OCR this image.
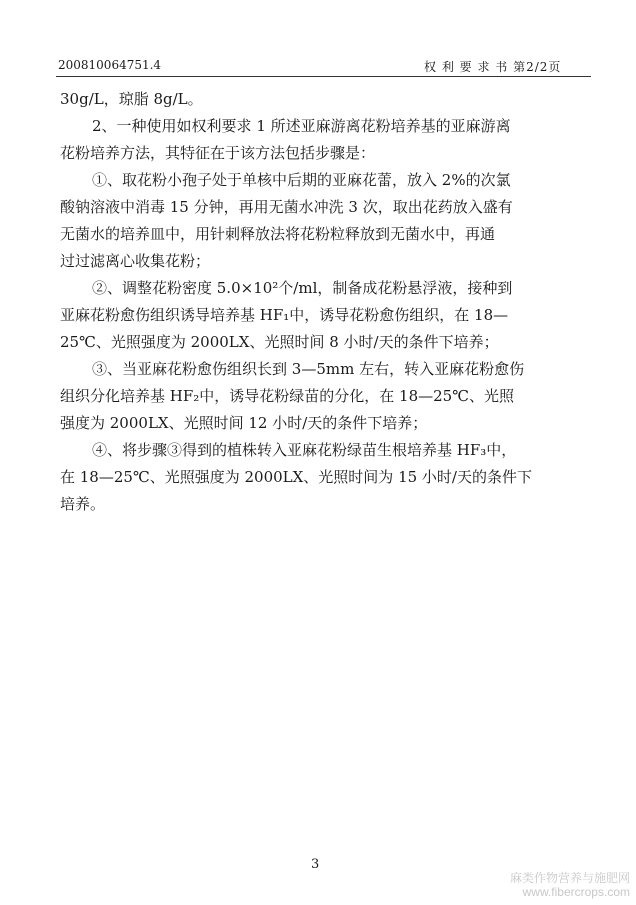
200810064751.4	权 利 要 求 书 第2/2页
30g/L，琼脂 8g/L。
2、一种使用如权利要求 1 所述亚麻游离花粉培养基的亚麻游离
花粉培养方法，其特征在于该方法包括步骤是：
①、取花粉小孢子处于单核中后期的亚麻花蕾，放入 2%的次氯
酸钠溶液中消毒 15 分钟，再用无菌水冲洗 3 次，取出花药放入盛有
无菌水的培养皿中，用针刺释放法将花粉粒释放到无菌水中，再通
过过滤离心收集花粉；
②、调整花粉密度 5.0×10²个/ml，制备成花粉悬浮液，接种到
亚麻花粉愈伤组织诱导培养基 HF₁中，诱导花粉愈伤组织，在 18—
25℃、光照强度为 2000LX、光照时间 8 小时/天的条件下培养；
③、当亚麻花粉愈伤组织长到 3—5mm 左右，转入亚麻花粉愈伤
组织分化培养基 HF₂中，诱导花粉绿苗的分化，在 18—25℃、光照
强度为 2000LX、光照时间 12 小时/天的条件下培养；
④、将步骤③得到的植株转入亚麻花粉绿苗生根培养基 HF₃中，
在 18—25℃、光照强度为 2000LX、光照时间为 15 小时/天的条件下
培养。
3
麻类作物营养与施肥网
www.fibercrops.com
